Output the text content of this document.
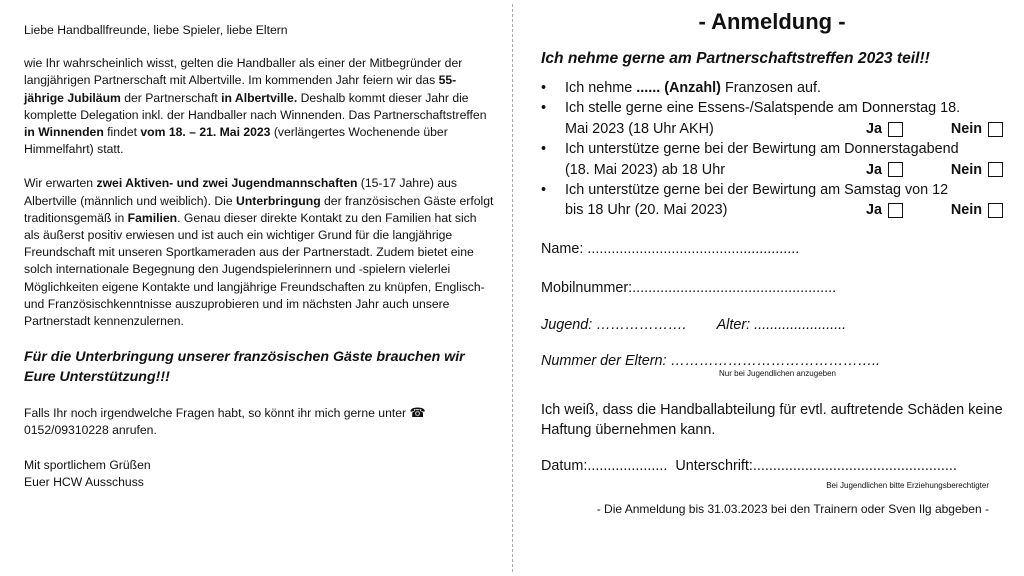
Liebe Handballfreunde, liebe Spieler, liebe Eltern

wie Ihr wahrscheinlich wisst, gelten die Handballer als einer der Mitbegründer der langjährigen Partnerschaft mit Albertville. Im kommenden Jahr feiern wir das 55-jährige Jubiläum der Partnerschaft in Albertville. Deshalb kommt dieser Jahr die komplette Delegation inkl. der Handballer nach Winnenden. Das Partnerschaftstreffen in Winnenden findet vom 18. – 21. Mai 2023 (verlängertes Wochenende über Himmelfahrt) statt.

Wir erwarten zwei Aktiven- und zwei Jugendmannschaften (15-17 Jahre) aus Albertville (männlich und weiblich). Die Unterbringung der französischen Gäste erfolgt traditionsgemäß in Familien. Genau dieser direkte Kontakt zu den Familien hat sich als äußerst positiv erwiesen und ist auch ein wichtiger Grund für die langjährige Freundschaft mit unseren Sportkameraden aus der Partnerstadt. Zudem bietet eine solch internationale Begegnung den Jugendspielerinnern und -spielern vielerlei Möglichkeiten eigene Kontakte und langjährige Freundschaften zu knüpfen, Englisch- und Französischkenntnisse auszuprobieren und im nächsten Jahr auch unsere Partnerstadt kennenzulernen.

Für die Unterbringung unserer französischen Gäste brauchen wir Eure Unterstützung!!!

Falls Ihr noch irgendwelche Fragen habt, so könnt ihr mich gerne unter ☎ 0152/09310228 anrufen.

Mit sportlichem Grüßen

Euer HCW Ausschuss

- Anmeldung -
Ich nehme gerne am Partnerschaftstreffen 2023 teil!!
• Ich nehme ...... (Anzahl) Franzosen auf.
• Ich stelle gerne eine Essens-/Salatspende am Donnerstag 18.
Mai 2023 (18 Uhr AKH)	Ja	Nein
• Ich unterstütze gerne bei der Bewirtung am Donnerstagabend
(18. Mai 2023) ab 18 Uhr	Ja	Nein
• Ich unterstütze gerne bei der Bewirtung am Samstag von 12
bis 18 Uhr (20. Mai 2023)	Ja	Nein
Name: .....................................................
Mobilnummer:...................................................
Jugend: ………………. Alter: .......................
Nummer der Eltern: ……………………………………..
Nur bei Jugendlichen anzugeben
Ich weiß, dass die Handballabteilung für evtl. auftretende Schäden keine Haftung übernehmen kann.
Datum:.................... Unterschrift:...................................................
Bei Jugendlichen bitte Erziehungsberechtigter
- Die Anmeldung bis 31.03.2023 bei den Trainern oder Sven Ilg abgeben -
